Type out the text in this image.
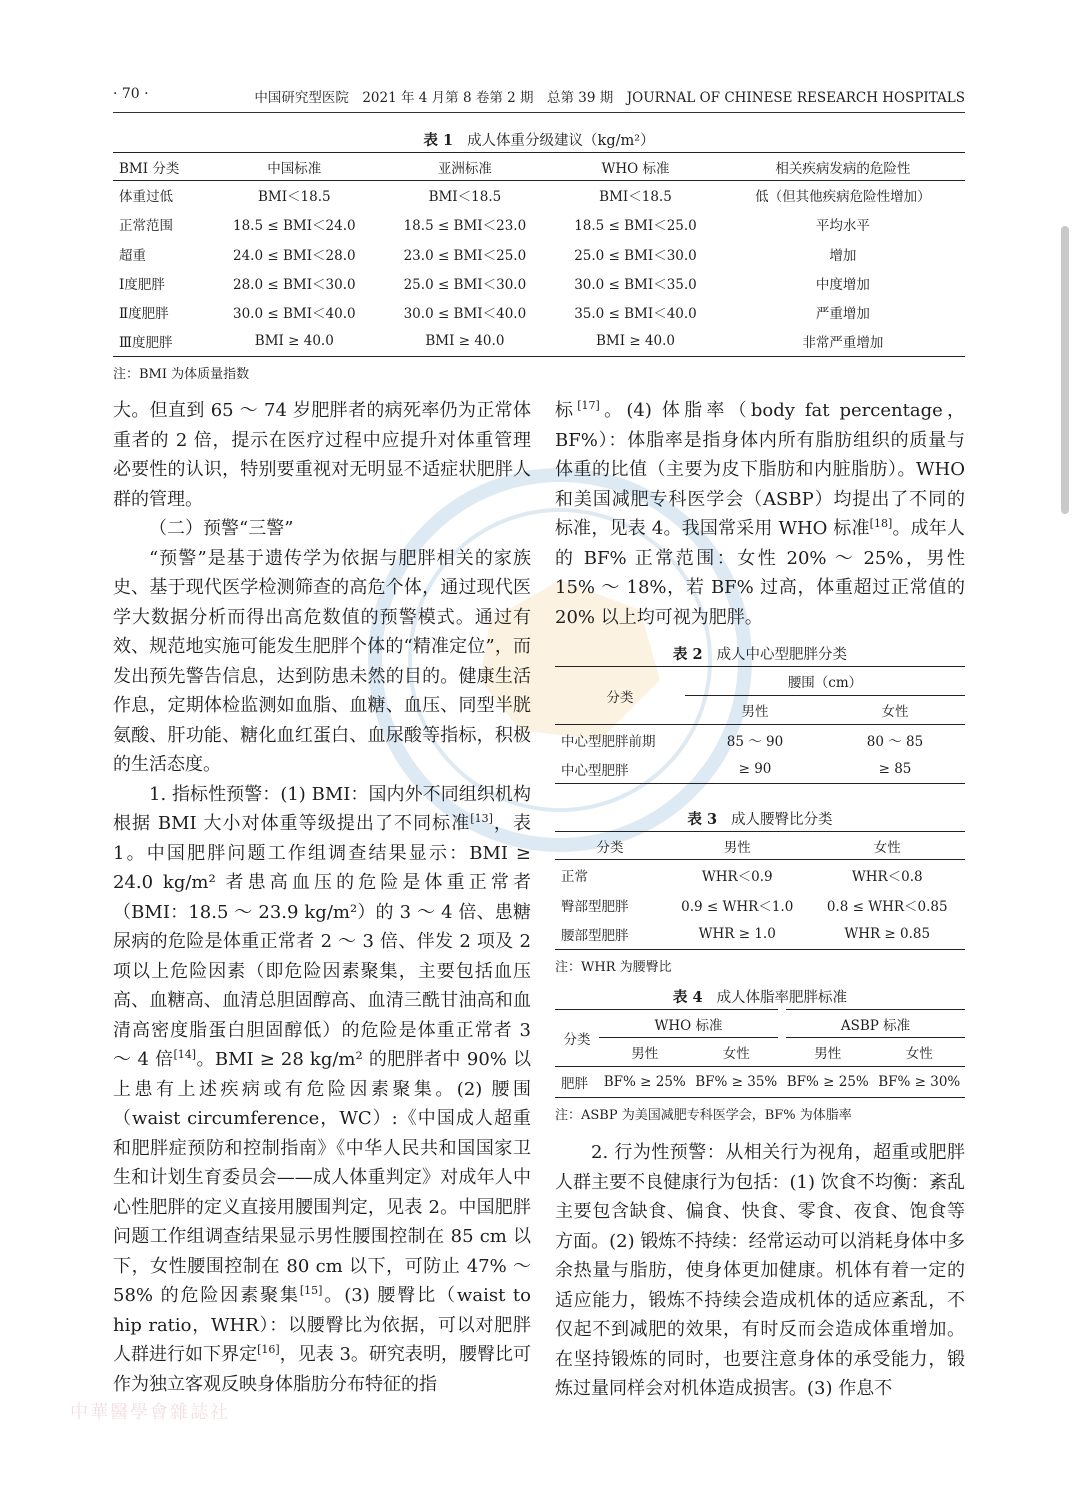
· 70 ·	中国研究型医院　2021 年 4 月第 8 卷第 2 期　总第 39 期　JOURNAL OF CHINESE RESEARCH HOSPITALS
表 1 成人体重分级建议（kg/m²）
BMI 分类	中国标准	亚洲标准	WHO 标准	相关疾病发病的危险性
体重过低	BMI＜18.5	BMI＜18.5	BMI＜18.5	低（但其他疾病危险性增加）
正常范围	18.5 ≤ BMI＜24.0	18.5 ≤ BMI＜23.0	18.5 ≤ BMI＜25.0	平均水平
超重	24.0 ≤ BMI＜28.0	23.0 ≤ BMI＜25.0	25.0 ≤ BMI＜30.0	增加
Ⅰ度肥胖	28.0 ≤ BMI＜30.0	25.0 ≤ BMI＜30.0	30.0 ≤ BMI＜35.0	中度增加
Ⅱ度肥胖	30.0 ≤ BMI＜40.0	30.0 ≤ BMI＜40.0	35.0 ≤ BMI＜40.0	严重增加
Ⅲ度肥胖	BMI ≥ 40.0	BMI ≥ 40.0	BMI ≥ 40.0	非常严重增加
注：BMI 为体质量指数

大。但直到 65 ～ 74 岁肥胖者的病死率仍为正常体重者的 2 倍，提示在医疗过程中应提升对体重管理必要性的认识，特别要重视对无明显不适症状肥胖人群的管理。

（二）预警“三警”

“预警”是基于遗传学为依据与肥胖相关的家族史、基于现代医学检测筛查的高危个体，通过现代医学大数据分析而得出高危数值的预警模式。通过有效、规范地实施可能发生肥胖个体的“精准定位”，而发出预先警告信息，达到防患未然的目的。健康生活作息，定期体检监测如血脂、血糖、血压、同型半胱氨酸、肝功能、糖化血红蛋白、血尿酸等指标，积极的生活态度。

1. 指标性预警：(1) BMI：国内外不同组织机构根据 BMI 大小对体重等级提出了不同标准[13]，表 1。中国肥胖问题工作组调查结果显示：BMI ≥ 24.0 kg/m² 者患高血压的危险是体重正常者（BMI：18.5 ～ 23.9 kg/m²）的 3 ～ 4 倍、患糖尿病的危险是体重正常者 2 ～ 3 倍、伴发 2 项及 2 项以上危险因素（即危险因素聚集，主要包括血压高、血糖高、血清总胆固醇高、血清三酰甘油高和血清高密度脂蛋白胆固醇低）的危险是体重正常者 3 ～ 4 倍[14]。BMI ≥ 28 kg/m² 的肥胖者中 90% 以上患有上述疾病或有危险因素聚集。(2) 腰围（waist circumference，WC）:《中国成人超重和肥胖症预防和控制指南》《中华人民共和国国家卫生和计划生育委员会——成人体重判定》对成年人中心性肥胖的定义直接用腰围判定，见表 2。中国肥胖问题工作组调查结果显示男性腰围控制在 85 cm 以下，女性腰围控制在 80 cm 以下，可防止 47% ～ 58% 的危险因素聚集[15]。(3) 腰臀比（waist to hip ratio，WHR）：以腰臀比为依据，可以对肥胖人群进行如下界定[16]，见表 3。研究表明，腰臀比可作为独立客观反映身体脂肪分布特征的指

标[17]。(4) 体脂率（body fat percentage，BF%）：体脂率是指身体内所有脂肪组织的质量与体重的比值（主要为皮下脂肪和内脏脂肪）。WHO 和美国减肥专科医学会（ASBP）均提出了不同的标准，见表 4。我国常采用 WHO 标准[18]。成年人的 BF% 正常范围：女性 20% ～ 25%，男性 15% ～ 18%，若 BF% 过高，体重超过正常值的 20% 以上均可视为肥胖。

表 2 成人中心型肥胖分类
分类	腰围（cm）	
	男性	女性
中心型肥胖前期	85 ～ 90	80 ～ 85
中心型肥胖	≥ 90	≥ 85
表 3 成人腰臀比分类
分类	男性	女性
正常	WHR＜0.9	WHR＜0.8
臀部型肥胖	0.9 ≤ WHR＜1.0	0.8 ≤ WHR＜0.85
腰部型肥胖	WHR ≥ 1.0	WHR ≥ 0.85
注：WHR 为腰臀比
表 4 成人体脂率肥胖标准
分类	WHO 标准		ASBP 标准	
	男性	女性	男性	女性
肥胖	BF% ≥ 25%	BF% ≥ 35%	BF% ≥ 25%	BF% ≥ 30%
注：ASBP 为美国减肥专科医学会，BF% 为体脂率

2. 行为性预警：从相关行为视角，超重或肥胖人群主要不良健康行为包括：(1) 饮食不均衡：紊乱主要包含缺食、偏食、快食、零食、夜食、饱食等方面。(2) 锻炼不持续：经常运动可以消耗身体中多余热量与脂肪，使身体更加健康。机体有着一定的适应能力，锻炼不持续会造成机体的适应紊乱，不仅起不到减肥的效果，有时反而会造成体重增加。在坚持锻炼的同时，也要注意身体的承受能力，锻炼过量同样会对机体造成损害。(3) 作息不

中華醫學會雜誌社
